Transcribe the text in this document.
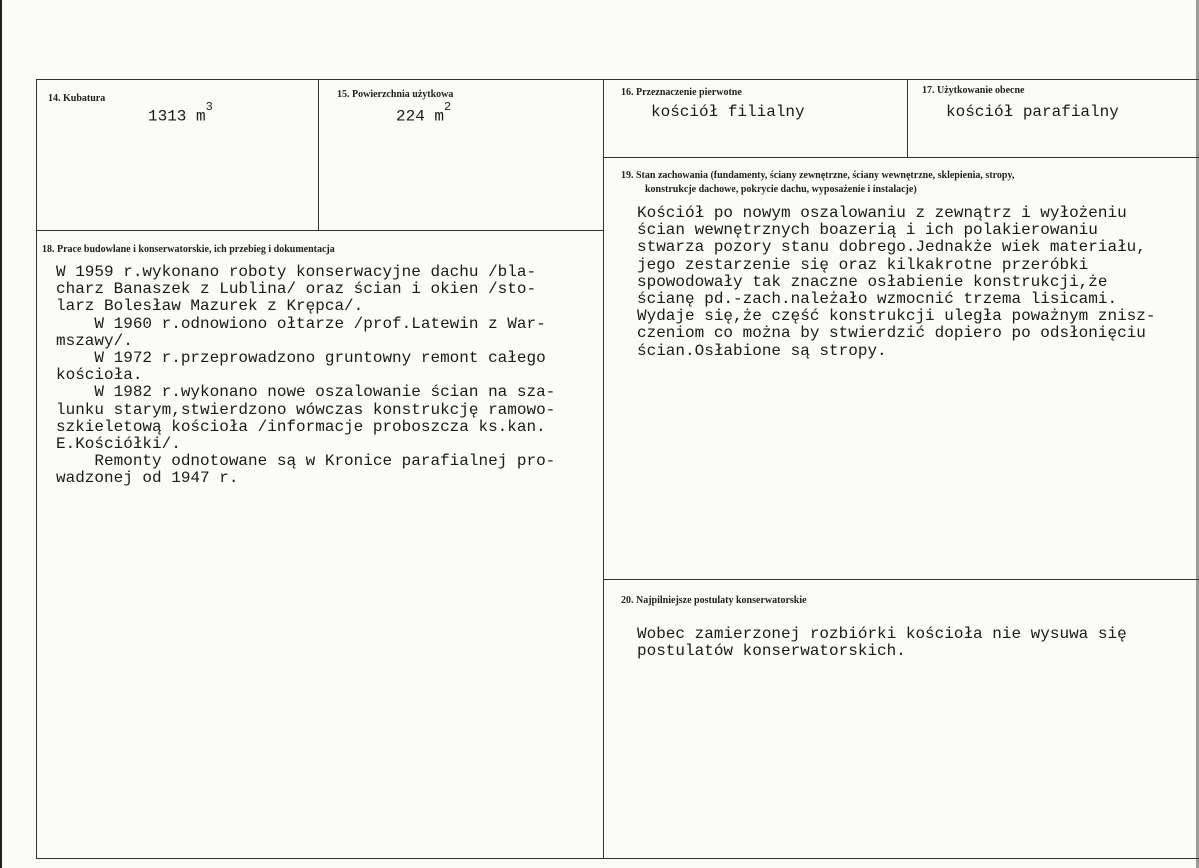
14. Kubatura
1313 $m^3$
15. Powierzchnia użytkowa
224 $m^2$
16. Przeznaczenie pierwotne
kościół filialny
17. Użytkowanie obecne
kościół parafialny
18. Prace budowlane i konserwatorskie, ich przebieg i dokumentacja
W 1959 r.wykonano roboty konserwacyjne dachu /bla-
charz Banaszek z Lublina/ oraz ścian i okien /sto-
larz Bolesław Mazurek z Krępca/.
W 1960 r.odnowiono ołtarze /prof.Latewin z War-
mszawy/.
W 1972 r.przeprowadzono gruntowny remont całego
kościoła.
W 1982 r.wykonano nowe oszalowanie ścian na sza-
lunku starym,stwierdzono wówczas konstrukcję ramowo-
szkieletową kościoła /informacje proboszcza ks.kan.
E.Kościółki/.
Remonty odnotowane są w Kronice parafialnej pro-
wadzonej od 1947 r.
19. Stan zachowania (fundamenty, ściany zewnętrzne, ściany wewnętrzne, sklepienia, stropy,
konstrukcje dachowe, pokrycie dachu, wyposażenie i instalacje)
Kościół po nowym oszalowaniu z zewnątrz i wyłożeniu
ścian wewnętrznych boazerią i ich polakierowaniu
stwarza pozory stanu dobrego.Jednakże wiek materiału,
jego zestarzenie się oraz kilkakrotne przeróbki
spowodowały tak znaczne osłabienie konstrukcji,że
ścianę pd.-zach.należało wzmocnić trzema lisicami.
Wydaje się,że część konstrukcji uległa poważnym znisz-
czeniom co można by stwierdzić dopiero po odsłonięciu
ścian.Osłabione są stropy.
20. Najpilniejsze postulaty konserwatorskie
Wobec zamierzonej rozbiórki kościoła nie wysuwa się
postulatów konserwatorskich.
